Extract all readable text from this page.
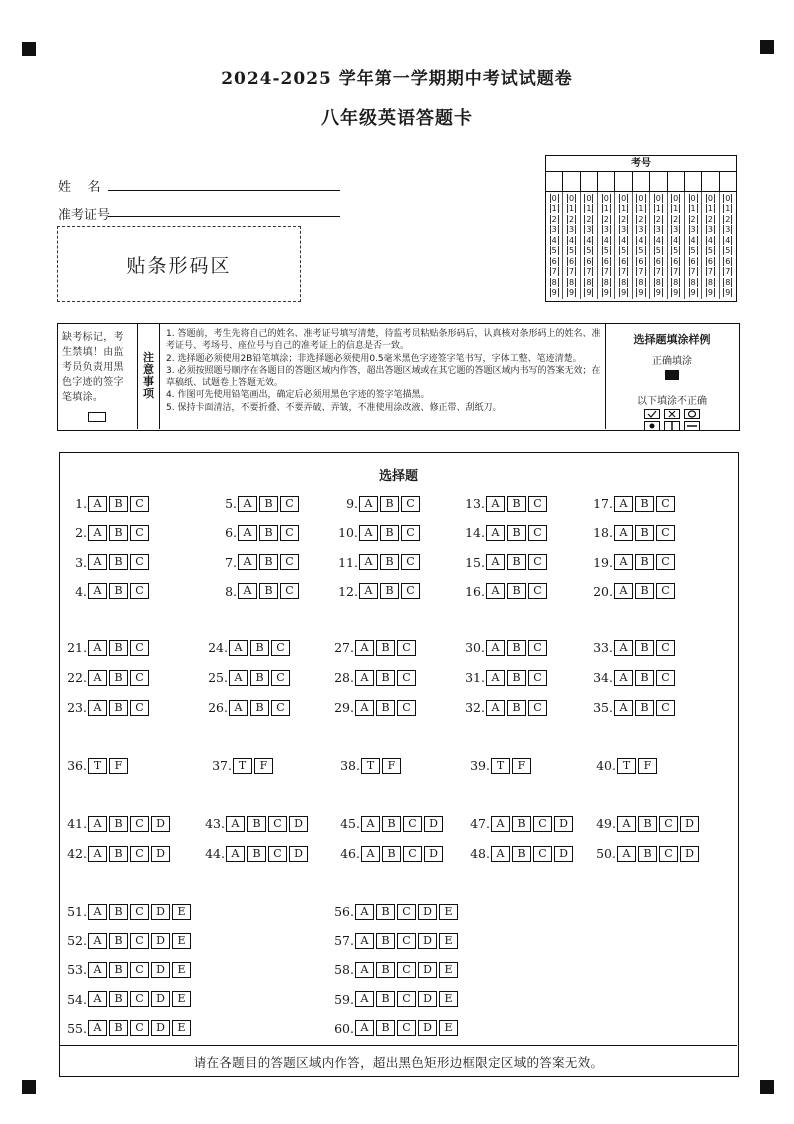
2024-2025 学年第一学期期中考试试题卷
八年级英语答题卡
姓    名
准考证号
贴条形码区
考号
0
1
2
3
4
5
6
7
8
9
0
1
2
3
4
5
6
7
8
9
0
1
2
3
4
5
6
7
8
9
0
1
2
3
4
5
6
7
8
9
0
1
2
3
4
5
6
7
8
9
0
1
2
3
4
5
6
7
8
9
0
1
2
3
4
5
6
7
8
9
0
1
2
3
4
5
6
7
8
9
0
1
2
3
4
5
6
7
8
9
0
1
2
3
4
5
6
7
8
9
0
1
2
3
4
5
6
7
8
9
缺考标记，考生禁填！由监考员负责用黑色字迹的签字笔填涂。
注意事项
1. 答题前，考生先将自己的姓名、准考证号填写清楚，待监考员粘贴条形码后，认真核对条形码上的姓名、准考证号、考场号、座位号与自己的准考证上的信息是否一致。
2. 选择题必须使用2B铅笔填涂；非选择题必须使用0.5毫米黑色字迹签字笔书写，字体工整、笔迹清楚。
3. 必须按照题号顺序在各题目的答题区域内作答，超出答题区域或在其它题的答题区域内书写的答案无效；在草稿纸、试题卷上答题无效。
4. 作图可先使用铅笔画出，确定后必须用黑色字迹的签字笔描黑。
5. 保持卡面清洁，不要折叠、不要弄破、弄皱，不准使用涂改液、修正带、刮纸刀。
选择题填涂样例
正确填涂
以下填涂不正确
选择题
1. A	B	C
2. A	B	C
3. A	B	C
4. A	B	C
5. A	B	C
6. A	B	C
7. A	B	C
8. A	B	C
9. A	B	C
10. A	B	C
11. A	B	C
12. A	B	C
13. A	B	C
14. A	B	C
15. A	B	C
16. A	B	C
17. A	B	C
18. A	B	C
19. A	B	C
20. A	B	C
21. A	B	C
22. A	B	C
23. A	B	C
24. A	B	C
25. A	B	C
26. A	B	C
27. A	B	C
28. A	B	C
29. A	B	C
30. A	B	C
31. A	B	C
32. A	B	C
33. A	B	C
34. A	B	C
35. A	B	C
36. T	F	37. T	F	38. T	F	39. T	F	40. T	F
41. A	B	C	D
42. A	B	C	D
43. A	B	C	D
44. A	B	C	D
45. A	B	C	D
46. A	B	C	D
47. A	B	C	D
48. A	B	C	D
49. A	B	C	D
50. A	B	C	D
51. A	B	C	D	E
52. A	B	C	D	E
53. A	B	C	D	E
54. A	B	C	D	E
55. A	B	C	D	E
56. A	B	C	D	E
57. A	B	C	D	E
58. A	B	C	D	E
59. A	B	C	D	E
60. A	B	C	D	E
请在各题目的答题区域内作答，超出黑色矩形边框限定区域的答案无效。
